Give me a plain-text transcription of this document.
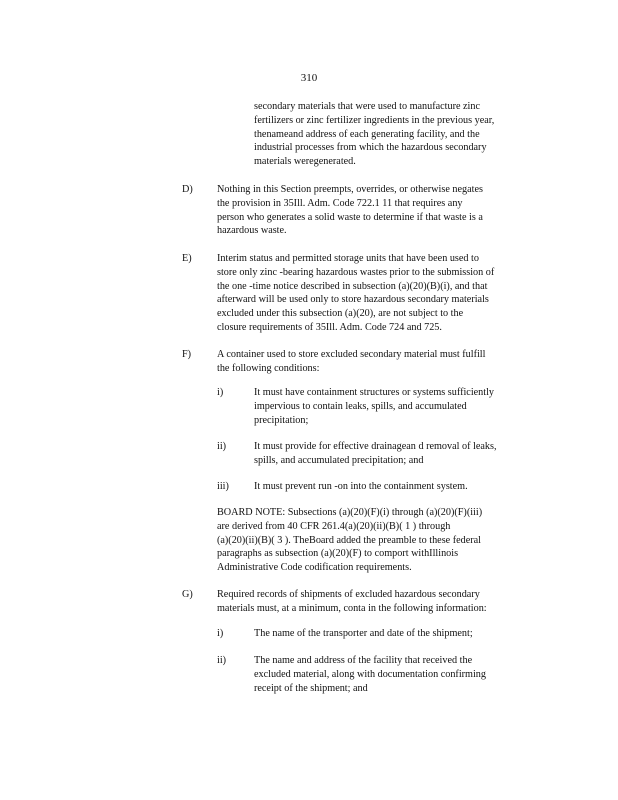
310
secondary materials that were used to manufacture zinc
fertilizers or zinc fertilizer ingredients in the previous year,
thenameand address of each generating facility, and the
industrial processes from which the hazardous secondary
materials weregenerated.
D) Nothing in this Section preempts, overrides, or otherwise negates
the provision in 35Ill. Adm. Code 722.1 11 that requires any
person who generates a solid waste to determine if that waste is a
hazardous waste.
E) Interim status and permitted storage units that have been used to
store only zinc -bearing hazardous wastes prior to the submission of
the one -time notice described in subsection (a)(20)(B)(i), and that
afterward will be used only to store hazardous secondary materials
excluded under this subsection (a)(20), are not subject to the
closure requirements of 35Ill. Adm. Code 724 and 725.
F)	A container used to store excluded secondary material must fulfill
the following conditions:
i)	It must have containment structures or systems sufficiently
impervious to contain leaks, spills, and accumulated
precipitation;
ii)	It must provide for effective drainagean d removal of leaks,
spills, and accumulated precipitation; and
iii) It must prevent run -on into the containment system.
BOARD NOTE: Subsections (a)(20)(F)(i) through (a)(20)(F)(iii)
are derived from 40 CFR 261.4(a)(20)(ii)(B)( 1 ) through
(a)(20)(ii)(B)( 3 ). TheBoard added the preamble to these federal
paragraphs as subsection (a)(20)(F) to comport withIllinois
Administrative Code codification requirements.
G) Required records of shipments of excluded hazardous secondary
materials must, at a minimum, conta in the following information:
i)	The name of the transporter and date of the shipment;
ii)	The name and address of the facility that received the
excluded material, along with documentation confirming
receipt of the shipment; and
